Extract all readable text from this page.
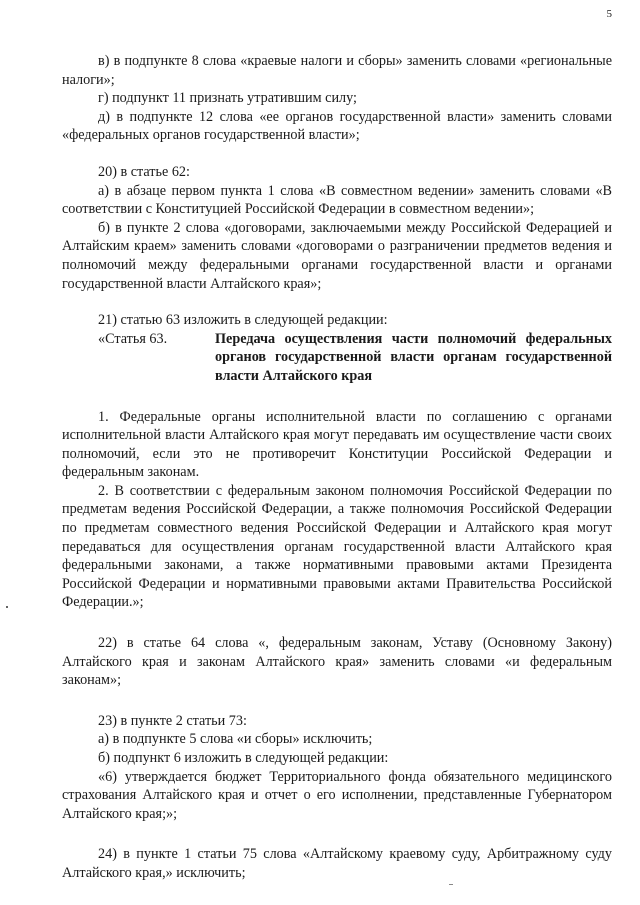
5

в) в подпункте 8 слова «краевые налоги и сборы» заменить словами «региональные налоги»;

г) подпункт 11 признать утратившим силу;

д) в подпункте 12 слова «ее органов государственной власти» заменить словами «федеральных органов государственной власти»;

20) в статье 62:

а) в абзаце первом пункта 1 слова «В совместном ведении» заменить словами «В соответствии с Конституцией Российской Федерации в совместном ведении»;

б) в пункте 2 слова «договорами, заключаемыми между Российской Федерацией и Алтайским краем» заменить словами «договорами о разграничении предметов ведения и полномочий между федеральными органами государственной власти и органами государственной власти Алтайского края»;

21) статью 63 изложить в следующей редакции:

«Статья 63.	Передача осуществления части полномочий федеральных органов государственной власти органам государственной власти Алтайского края

1. Федеральные органы исполнительной власти по соглашению с органами исполнительной власти Алтайского края могут передавать им осуществление части своих полномочий, если это не противоречит Конституции Российской Федерации и федеральным законам.

2. В соответствии с федеральным законом полномочия Российской Федерации по предметам ведения Российской Федерации, а также полномочия Российской Федерации по предметам совместного ведения Российской Федерации и Алтайского края могут передаваться для осуществления органам государственной власти Алтайского края федеральными законами, а также нормативными правовыми актами Президента Российской Федерации и нормативными правовыми актами Правительства Российской Федерации.»;

22) в статье 64 слова «, федеральным законам, Уставу (Основному Закону) Алтайского края и законам Алтайского края» заменить словами «и федеральным законам»;

23) в пункте 2 статьи 73:

а) в подпункте 5 слова «и сборы» исключить;

б) подпункт 6 изложить в следующей редакции:

«6) утверждается бюджет Территориального фонда обязательного медицинского страхования Алтайского края и отчет о его исполнении, представленные Губернатором Алтайского края;»;

24) в пункте 1 статьи 75 слова «Алтайскому краевому суду, Арбитражному суду Алтайского края,» исключить;
